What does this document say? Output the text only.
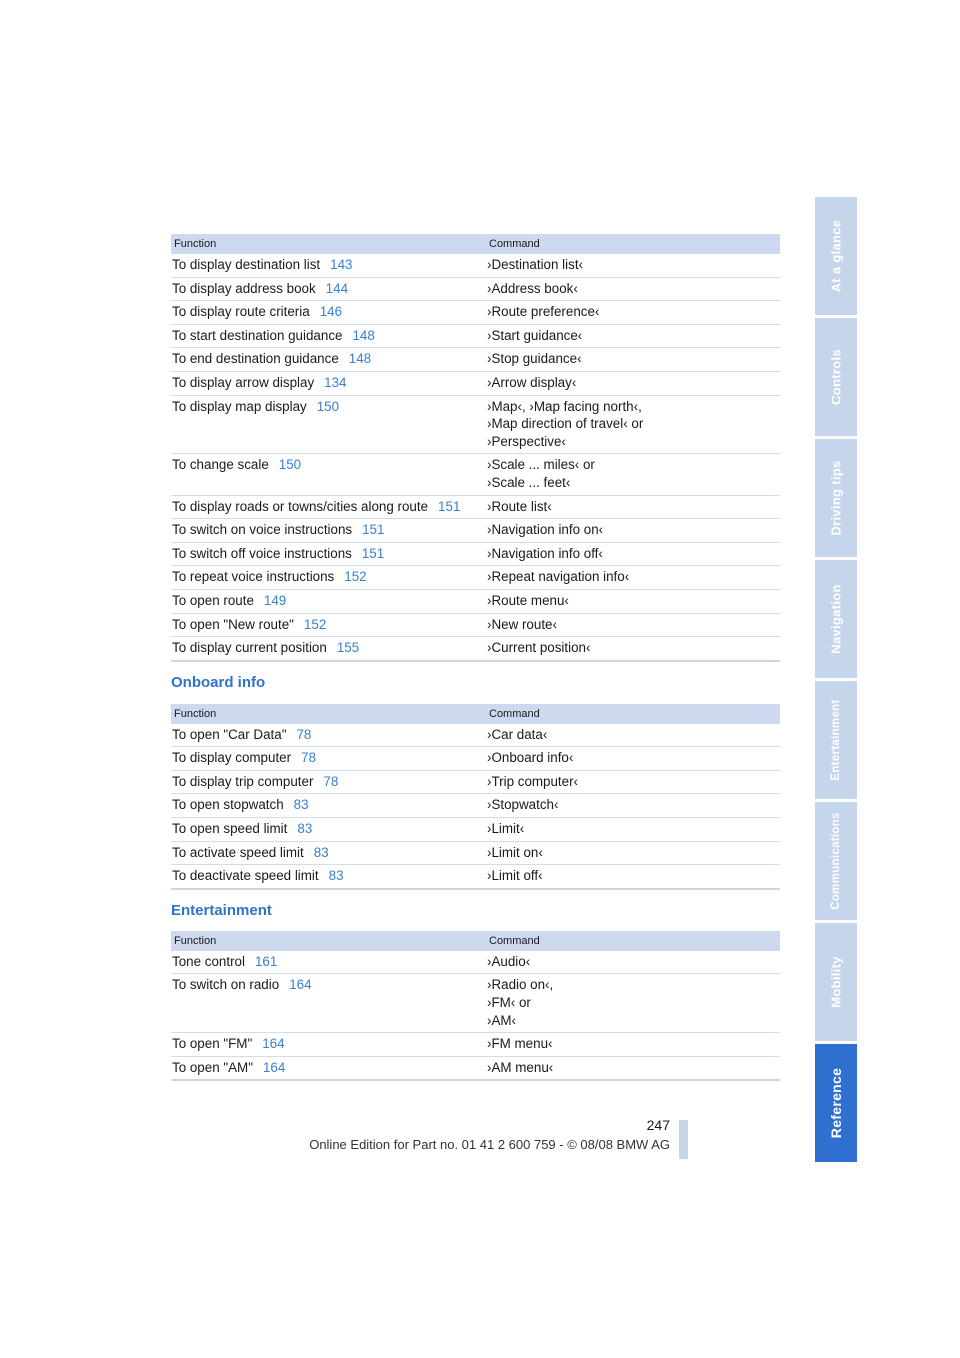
Function	Command
To display destination list 143	›Destination list‹
To display address book 144	›Address book‹
To display route criteria 146	›Route preference‹
To start destination guidance 148	›Start guidance‹
To end destination guidance 148	›Stop guidance‹
To display arrow display 134	›Arrow display‹
To display map display 150	›Map‹, ›Map facing north‹,
›Map direction of travel‹ or
›Perspective‹
To change scale 150	›Scale ... miles‹ or
›Scale ... feet‹
To display roads or towns/cities along route 151	›Route list‹
To switch on voice instructions 151	›Navigation info on‹
To switch off voice instructions 151	›Navigation info off‹
To repeat voice instructions 152	›Repeat navigation info‹
To open route 149	›Route menu‹
To open "New route" 152	›New route‹
To display current position 155	›Current position‹
Onboard info
Function	Command
To open "Car Data" 78	›Car data‹
To display computer 78	›Onboard info‹
To display trip computer 78	›Trip computer‹
To open stopwatch 83	›Stopwatch‹
To open speed limit 83	›Limit‹
To activate speed limit 83	›Limit on‹
To deactivate speed limit 83	›Limit off‹
Entertainment
Function	Command
Tone control 161	›Audio‹
To switch on radio 164	›Radio on‹,
›FM‹ or
›AM‹
To open "FM" 164	›FM menu‹
To open "AM" 164	›AM menu‹
At a glance
Controls
Driving tips
Navigation
Entertainment
Communications
Mobility
Reference
247
Online Edition for Part no. 01 41 2 600 759 - © 08/08 BMW AG
